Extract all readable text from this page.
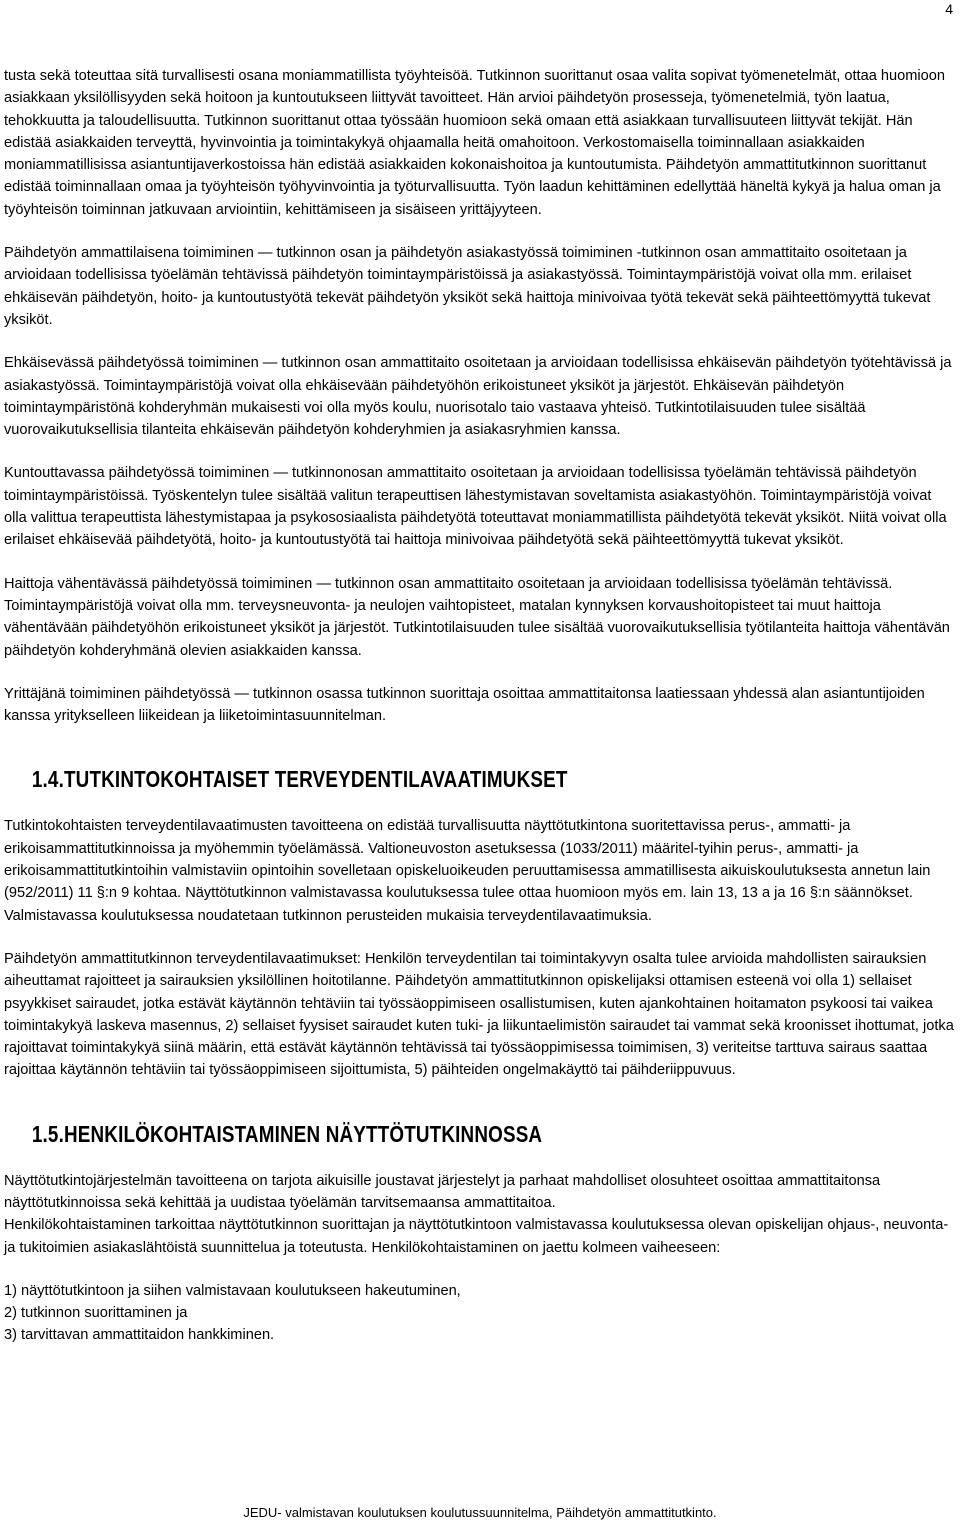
4

tusta sekä toteuttaa sitä turvallisesti osana moniammatillista työyhteisöä. Tutkinnon suorittanut osaa valita sopivat työmenetelmät, ottaa huomioon asiakkaan yksilöllisyyden sekä hoitoon ja kuntoutukseen liittyvät tavoitteet. Hän arvioi päihdetyön prosesseja, työmenetelmiä, työn laatua, tehokkuutta ja taloudellisuutta. Tutkinnon suorittanut ottaa työssään huomioon sekä omaan että asiakkaan turvallisuuteen liittyvät tekijät. Hän edistää asiakkaiden terveyttä, hyvinvointia ja toimintakykyä ohjaamalla heitä omahoitoon. Verkostomaisella toiminnallaan asiakkaiden moniammatillisissa asiantuntijaverkostoissa hän edistää asiakkaiden kokonaishoitoa ja kuntoutumista. Päihdetyön ammattitutkinnon suorittanut edistää toiminnallaan omaa ja työyhteisön työhyvinvointia ja työturvallisuutta. Työn laadun kehittäminen edellyttää häneltä kykyä ja halua oman ja työyhteisön toiminnan jatkuvaan arviointiin, kehittämiseen ja sisäiseen yrittäjyyteen.

Päihdetyön ammattilaisena toimiminen — tutkinnon osan ja päihdetyön asiakastyössä toimiminen -tutkinnon osan ammattitaito osoitetaan ja arvioidaan todellisissa työelämän tehtävissä päihdetyön toimintaympäristöissä ja asiakastyössä. Toimintaympäristöjä voivat olla mm. erilaiset ehkäisevän päihdetyön, hoito- ja kuntoutustyötä tekevät päihdetyön yksiköt sekä haittoja minivoivaa työtä tekevät sekä päihteettömyyttä tukevat yksiköt.

Ehkäisevässä päihdetyössä toimiminen — tutkinnon osan ammattitaito osoitetaan ja arvioidaan todellisissa ehkäisevän päihdetyön työtehtävissä ja asiakastyössä. Toimintaympäristöjä voivat olla ehkäisevään päihdetyöhön erikoistuneet yksiköt ja järjestöt. Ehkäisevän päihdetyön toimintaympäristönä kohderyhmän mukaisesti voi olla myös koulu, nuorisotalo taio vastaava yhteisö. Tutkintotilaisuuden tulee sisältää vuorovaikutuksellisia tilanteita ehkäisevän päihdetyön kohderyhmien ja asiakasryhmien kanssa.

Kuntouttavassa päihdetyössä toimiminen — tutkinnonosan ammattitaito osoitetaan ja arvioidaan todellisissa työelämän tehtävissä päihdetyön toimintaympäristöissä. Työskentelyn tulee sisältää valitun terapeuttisen lähestymistavan soveltamista asiakastyöhön. Toimintaympäristöjä voivat olla valittua terapeuttista lähestymistapaa ja psykososiaalista päihdetyötä toteuttavat moniammatillista päihdetyötä tekevät yksiköt. Niitä voivat olla erilaiset ehkäisevää päihdetyötä, hoito- ja kuntoutustyötä tai haittoja minivoivaa päihdetyötä sekä päihteettömyyttä tukevat yksiköt.

Haittoja vähentävässä päihdetyössä toimiminen — tutkinnon osan ammattitaito osoitetaan ja arvioidaan todellisissa työelämän tehtävissä. Toimintaympäristöjä voivat olla mm. terveysneuvonta- ja neulojen vaihtopisteet, matalan kynnyksen korvaushoitopisteet tai muut haittoja vähentävään päihdetyöhön erikoistuneet yksiköt ja järjestöt. Tutkintotilaisuuden tulee sisältää vuorovaikutuksellisia työtilanteita haittoja vähentävän päihdetyön kohderyhmänä olevien asiakkaiden kanssa.

Yrittäjänä toimiminen päihdetyössä — tutkinnon osassa tutkinnon suorittaja osoittaa ammattitaitonsa laatiessaan yhdessä alan asiantuntijoiden kanssa yritykselleen liikeidean ja liiketoimintasuunnitelman.

1.4.TUTKINTOKOHTAISET TERVEYDENTILAVAATIMUKSET

Tutkintokohtaisten terveydentilavaatimusten tavoitteena on edistää turvallisuutta näyttötutkintona suoritettavissa perus-, ammatti- ja erikoisammattitutkinnoissa ja myöhemmin työelämässä. Valtioneuvoston asetuksessa (1033/2011) määritel-tyihin perus-, ammatti- ja erikoisammattitutkintoihin valmistaviin opintoihin sovelletaan opiskeluoikeuden peruuttamisessa ammatillisesta aikuiskoulutuksesta annetun lain (952/2011) 11 §:n 9 kohtaa. Näyttötutkinnon valmistavassa koulutuksessa tulee ottaa huomioon myös em. lain 13, 13 a ja 16 §:n säännökset. Valmistavassa koulutuksessa noudatetaan tutkinnon perusteiden mukaisia terveydentilavaatimuksia.

Päihdetyön ammattitutkinnon terveydentilavaatimukset: Henkilön terveydentilan tai toimintakyvyn osalta tulee arvioida mahdollisten sairauksien aiheuttamat rajoitteet ja sairauksien yksilöllinen hoitotilanne. Päihdetyön ammattitutkinnon opiskelijaksi ottamisen esteenä voi olla 1) sellaiset psyykkiset sairaudet, jotka estävät käytännön tehtäviin tai työssäoppimiseen osallistumisen, kuten ajankohtainen hoitamaton psykoosi tai vaikea toimintakykyä laskeva masennus, 2) sellaiset fyysiset sairaudet kuten tuki- ja liikuntaelimistön sairaudet tai vammat sekä kroonisset ihottumat, jotka rajoittavat toimintakykyä siinä määrin, että estävät käytännön tehtävissä tai työssäoppimisessa toimimisen, 3) veriteitse tarttuva sairaus saattaa rajoittaa käytännön tehtäviin tai työssäoppimiseen sijoittumista, 5) päihteiden ongelmakäyttö tai päihderiippuvuus.

1.5.HENKILÖKOHTAISTAMINEN NÄYTTÖTUTKINNOSSA

Näyttötutkintojärjestelmän tavoitteena on tarjota aikuisille joustavat järjestelyt ja parhaat mahdolliset olosuhteet osoittaa ammattitaitonsa näyttötutkinnoissa sekä kehittää ja uudistaa työelämän tarvitsemaansa ammattitaitoa.

Henkilökohtaistaminen tarkoittaa näyttötutkinnon suorittajan ja näyttötutkintoon valmistavassa koulutuksessa olevan opiskelijan ohjaus-, neuvonta- ja tukitoimien asiakaslähtöistä suunnittelua ja toteutusta. Henkilökohtaistaminen on jaettu kolmeen vaiheeseen:

1) näyttötutkintoon ja siihen valmistavaan koulutukseen hakeutuminen,

2) tutkinnon suorittaminen ja

3) tarvittavan ammattitaidon hankkiminen.

JEDU- valmistavan koulutuksen koulutussuunnitelma, Päihdetyön ammattitutkinto.
